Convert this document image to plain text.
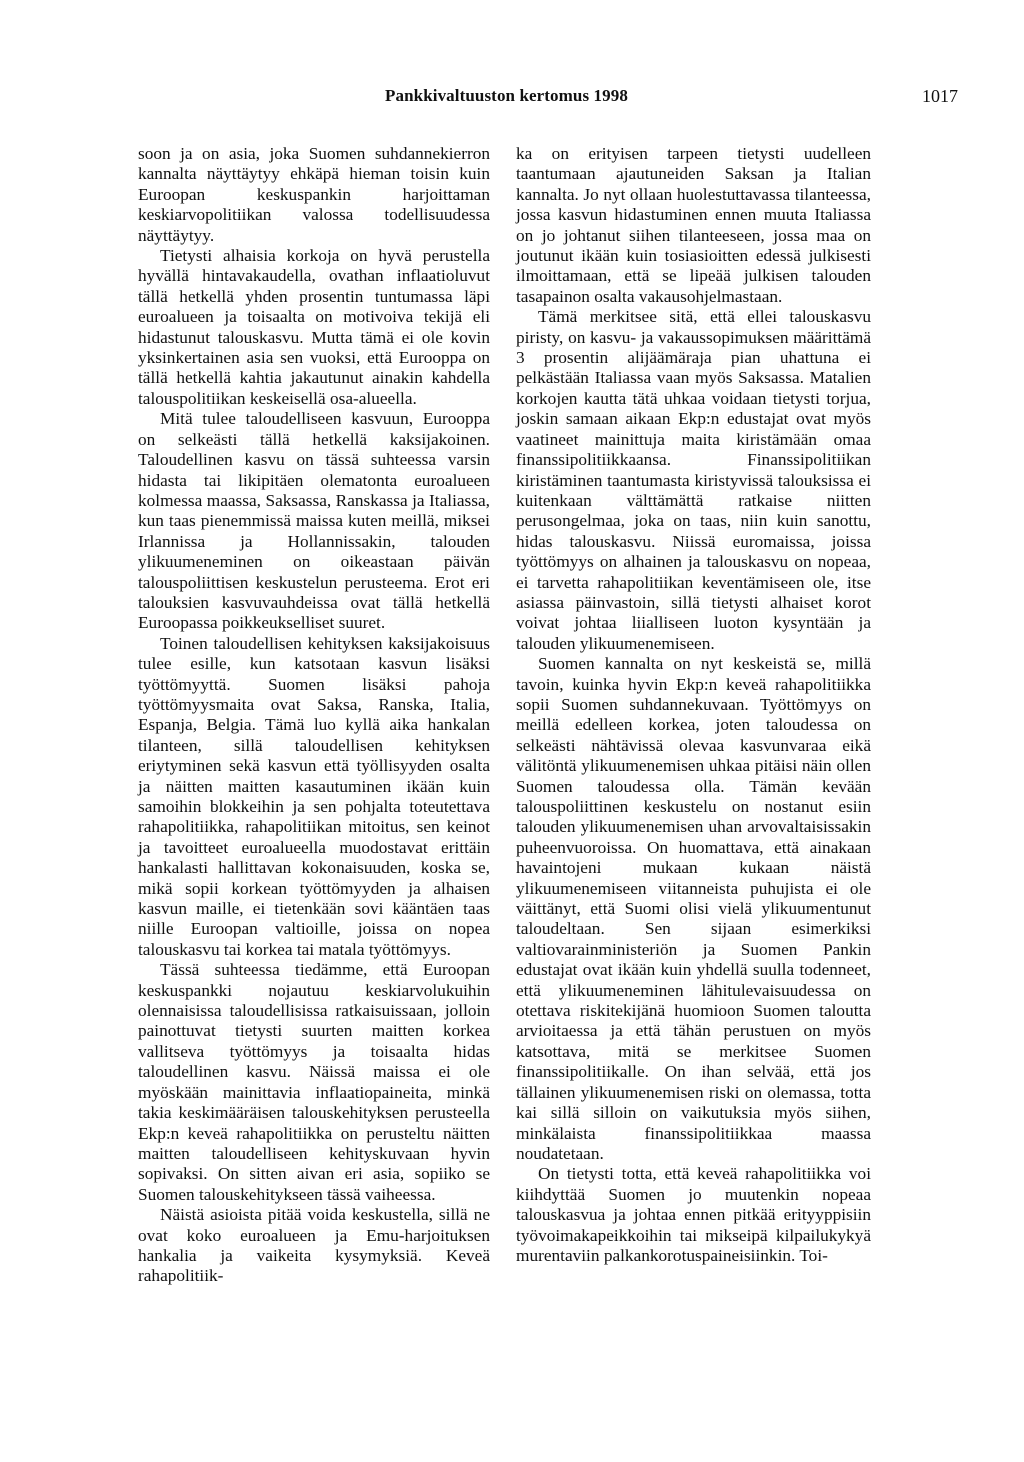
Pankkivaltuuston kertomus 1998	1017

soon ja on asia, joka Suomen suhdannekierron kannalta näyttäytyy ehkäpä hieman toisin kuin Euroopan keskuspankin harjoittaman keskiarvopolitiikan valossa todellisuudessa näyttäytyy.

Tietysti alhaisia korkoja on hyvä perustella hyvällä hintavakaudella, ovathan inflaatioluvut tällä hetkellä yhden prosentin tuntumassa läpi euroalueen ja toisaalta on motivoiva tekijä eli hidastunut talouskasvu. Mutta tämä ei ole kovin yksinkertainen asia sen vuoksi, että Eurooppa on tällä hetkellä kahtia jakautunut ainakin kahdella talouspolitiikan keskeisellä osa-alueella.

Mitä tulee taloudelliseen kasvuun, Eurooppa on selkeästi tällä hetkellä kaksijakoinen. Taloudellinen kasvu on tässä suhteessa varsin hidasta tai likipitäen olematonta euroalueen kolmessa maassa, Saksassa, Ranskassa ja Italiassa, kun taas pienemmissä maissa kuten meillä, miksei Irlannissa ja Hollannissakin, talouden ylikuumeneminen on oikeastaan päivän talouspoliittisen keskustelun perusteema. Erot eri talouksien kasvuvauhdeissa ovat tällä hetkellä Euroopassa poikkeukselliset suuret.

Toinen taloudellisen kehityksen kaksijakoisuus tulee esille, kun katsotaan kasvun lisäksi työttömyyttä. Suomen lisäksi pahoja työttömyysmaita ovat Saksa, Ranska, Italia, Espanja, Belgia. Tämä luo kyllä aika hankalan tilanteen, sillä taloudellisen kehityksen eriytyminen sekä kasvun että työllisyyden osalta ja näitten maitten kasautuminen ikään kuin samoihin blokkeihin ja sen pohjalta toteutettava rahapolitiikka, rahapolitiikan mitoitus, sen keinot ja tavoitteet euroalueella muodostavat erittäin hankalasti hallittavan kokonaisuuden, koska se, mikä sopii korkean työttömyyden ja alhaisen kasvun maille, ei tietenkään sovi kääntäen taas niille Euroopan valtioille, joissa on nopea talouskasvu tai korkea tai matala työttömyys.

Tässä suhteessa tiedämme, että Euroopan keskuspankki nojautuu keskiarvolukuihin olennaisissa taloudellisissa ratkaisuissaan, jolloin painottuvat tietysti suurten maitten korkea vallitseva työttömyys ja toisaalta hidas taloudellinen kasvu. Näissä maissa ei ole myöskään mainittavia inflaatiopaineita, minkä takia keskimääräisen talouskehityksen perusteella Ekp:n keveä rahapolitiikka on perusteltu näitten maitten taloudelliseen kehityskuvaan hyvin sopivaksi. On sitten aivan eri asia, sopiiko se Suomen talouskehitykseen tässä vaiheessa.

Näistä asioista pitää voida keskustella, sillä ne ovat koko euroalueen ja Emu-harjoituksen hankalia ja vaikeita kysymyksiä. Keveä rahapolitiik-

ka on erityisen tarpeen tietysti uudelleen taantumaan ajautuneiden Saksan ja Italian kannalta. Jo nyt ollaan huolestuttavassa tilanteessa, jossa kasvun hidastuminen ennen muuta Italiassa on jo johtanut siihen tilanteeseen, jossa maa on joutunut ikään kuin tosiasioitten edessä julkisesti ilmoittamaan, että se lipeää julkisen talouden tasapainon osalta vakausohjelmastaan.

Tämä merkitsee sitä, että ellei talouskasvu piristy, on kasvu- ja vakaussopimuksen määrittämä 3 prosentin alijäämäraja pian uhattuna ei pelkästään Italiassa vaan myös Saksassa. Matalien korkojen kautta tätä uhkaa voidaan tietysti torjua, joskin samaan aikaan Ekp:n edustajat ovat myös vaatineet mainittuja maita kiristämään omaa finanssipolitiikkaansa. Finanssipolitiikan kiristäminen taantumasta kiristyvissä talouksissa ei kuitenkaan välttämättä ratkaise niitten perusongelmaa, joka on taas, niin kuin sanottu, hidas talouskasvu. Niissä euromaissa, joissa työttömyys on alhainen ja talouskasvu on nopeaa, ei tarvetta rahapolitiikan keventämiseen ole, itse asiassa päinvastoin, sillä tietysti alhaiset korot voivat johtaa liialliseen luoton kysyntään ja talouden ylikuumenemiseen.

Suomen kannalta on nyt keskeistä se, millä tavoin, kuinka hyvin Ekp:n keveä rahapolitiikka sopii Suomen suhdannekuvaan. Työttömyys on meillä edelleen korkea, joten taloudessa on selkeästi nähtävissä olevaa kasvunvaraa eikä välitöntä ylikuumenemisen uhkaa pitäisi näin ollen Suomen taloudessa olla. Tämän kevään talouspoliittinen keskustelu on nostanut esiin talouden ylikuumenemisen uhan arvovaltaisissakin puheenvuoroissa. On huomattava, että ainakaan havaintojeni mukaan kukaan näistä ylikuumenemiseen viitanneista puhujista ei ole väittänyt, että Suomi olisi vielä ylikuumentunut taloudeltaan. Sen sijaan esimerkiksi valtiovarainministeriön ja Suomen Pankin edustajat ovat ikään kuin yhdellä suulla todenneet, että ylikuumeneminen lähitulevaisuudessa on otettava riskitekijänä huomioon Suomen taloutta arvioitaessa ja että tähän perustuen on myös katsottava, mitä se merkitsee Suomen finanssipolitiikalle. On ihan selvää, että jos tällainen ylikuumenemisen riski on olemassa, totta kai sillä silloin on vaikutuksia myös siihen, minkälaista finanssipolitiikkaa maassa noudatetaan.

On tietysti totta, että keveä rahapolitiikka voi kiihdyttää Suomen jo muutenkin nopeaa talouskasvua ja johtaa ennen pitkää erityyppisiin työvoimakapeikkoihin tai mikseipä kilpailukykyä murentaviin palkankorotuspaineisiinkin. Toi-
